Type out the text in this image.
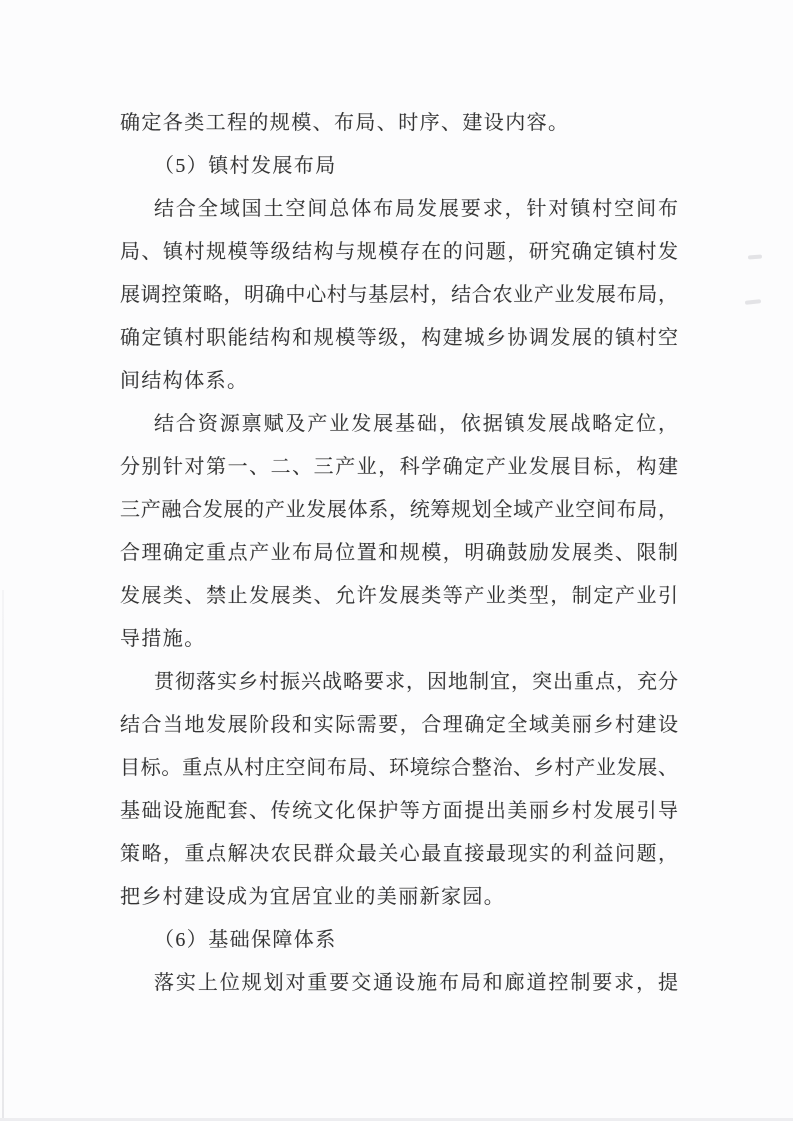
确定各类工程的规模、布局、时序、建设内容。
（5）镇村发展布局
结合全域国土空间总体布局发展要求，针对镇村空间布
局、镇村规模等级结构与规模存在的问题，研究确定镇村发
展调控策略，明确中心村与基层村，结合农业产业发展布局，
确定镇村职能结构和规模等级，构建城乡协调发展的镇村空
间结构体系。
结合资源禀赋及产业发展基础，依据镇发展战略定位，
分别针对第一、二、三产业，科学确定产业发展目标，构建
三产融合发展的产业发展体系，统筹规划全域产业空间布局，
合理确定重点产业布局位置和规模，明确鼓励发展类、限制
发展类、禁止发展类、允许发展类等产业类型，制定产业引
导措施。
贯彻落实乡村振兴战略要求，因地制宜，突出重点，充分
结合当地发展阶段和实际需要，合理确定全域美丽乡村建设
目标。重点从村庄空间布局、环境综合整治、乡村产业发展、
基础设施配套、传统文化保护等方面提出美丽乡村发展引导
策略，重点解决农民群众最关心最直接最现实的利益问题，
把乡村建设成为宜居宜业的美丽新家园。
（6）基础保障体系
落实上位规划对重要交通设施布局和廊道控制要求，提
